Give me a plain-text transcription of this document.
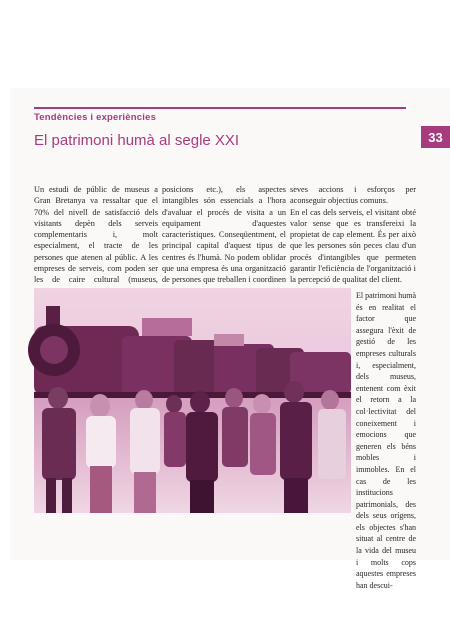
Tendències i experiències
33
El patrimoni humà al segle XXI

Un estudi de públic de museus a Gran Bretanya va ressaltar que el 70% del nivell de satisfacció dels visitants depèn dels serveis complementaris i, molt especialment, el tracte de les persones que atenen al públic. A les empreses de serveis, com poden ser les de caire cultural (museus,

posicions etc.), els aspectes intangibles són essencials a l'hora d'avaluar el procés de visita a un equipament d'aquestes característiques. Conseqüentment, el principal capital d'aquest tipus de centres és l'humà. No podem oblidar que una empresa és una organització de persones que treballen i coordinen

seves accions i esforços per aconseguir objectius comuns.

En el cas dels serveis, el visitant obté valor sense que es transfereixi la propietat de cap element. És per això que les persones són peces clau d'un procés d'intangibles que permeten garantir l'eficiència de l'organització i la percepció de qualitat del client.

El patrimoni humà és en realitat el factor que assegura l'èxit de gestió de les empreses culturals i, especialment, dels museus, entenent com èxit el retorn a la col·lectivitat del coneixement i emocions que generen els béns mobles i immobles. En el cas de les institucions patrimonials, des dels seus orígens, els objectes s'han situat al centre de la vida del museu i molts cops aquestes empreses han descui-
